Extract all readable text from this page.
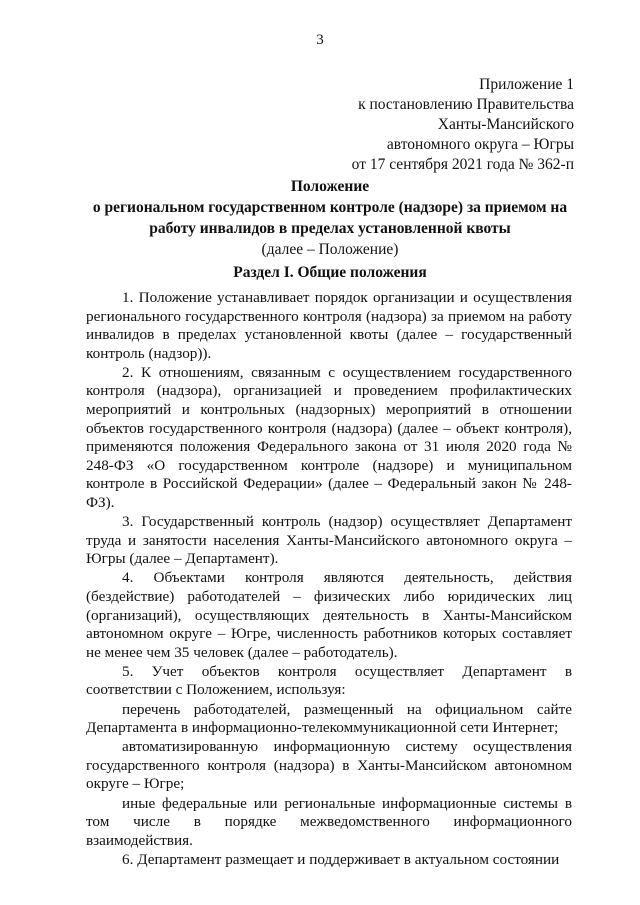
3
Приложение 1
к постановлению Правительства
Ханты-Мансийского
автономного округа – Югры
от 17 сентября 2021 года № 362-п
Положение
о региональном государственном контроле (надзоре) за приемом на
работу инвалидов в пределах установленной квоты
(далее – Положение)
Раздел I. Общие положения

1. Положение устанавливает порядок организации и осуществления регионального государственного контроля (надзора) за приемом на работу инвалидов в пределах установленной квоты (далее – государственный контроль (надзор)).

2. К отношениям, связанным с осуществлением государственного контроля (надзора), организацией и проведением профилактических мероприятий и контрольных (надзорных) мероприятий в отношении объектов государственного контроля (надзора) (далее – объект контроля), применяются положения Федерального закона от 31 июля 2020 года № 248-ФЗ «О государственном контроле (надзоре) и муниципальном контроле в Российской Федерации» (далее – Федеральный закон № 248-ФЗ).

3. Государственный контроль (надзор) осуществляет Департамент труда и занятости населения Ханты-Мансийского автономного округа – Югры (далее – Департамент).

4. Объектами контроля являются деятельность, действия (бездействие) работодателей – физических либо юридических лиц (организаций), осуществляющих деятельность в Ханты-Мансийском автономном округе – Югре, численность работников которых составляет не менее чем 35 человек (далее – работодатель).

5. Учет объектов контроля осуществляет Департамент в соответствии с Положением, используя:

перечень работодателей, размещенный на официальном сайте Департамента в информационно-телекоммуникационной сети Интернет;

автоматизированную информационную систему осуществления государственного контроля (надзора) в Ханты-Мансийском автономном округе – Югре;

иные федеральные или региональные информационные системы в том числе в порядке межведомственного информационного взаимодействия.

6. Департамент размещает и поддерживает в актуальном состоянии
